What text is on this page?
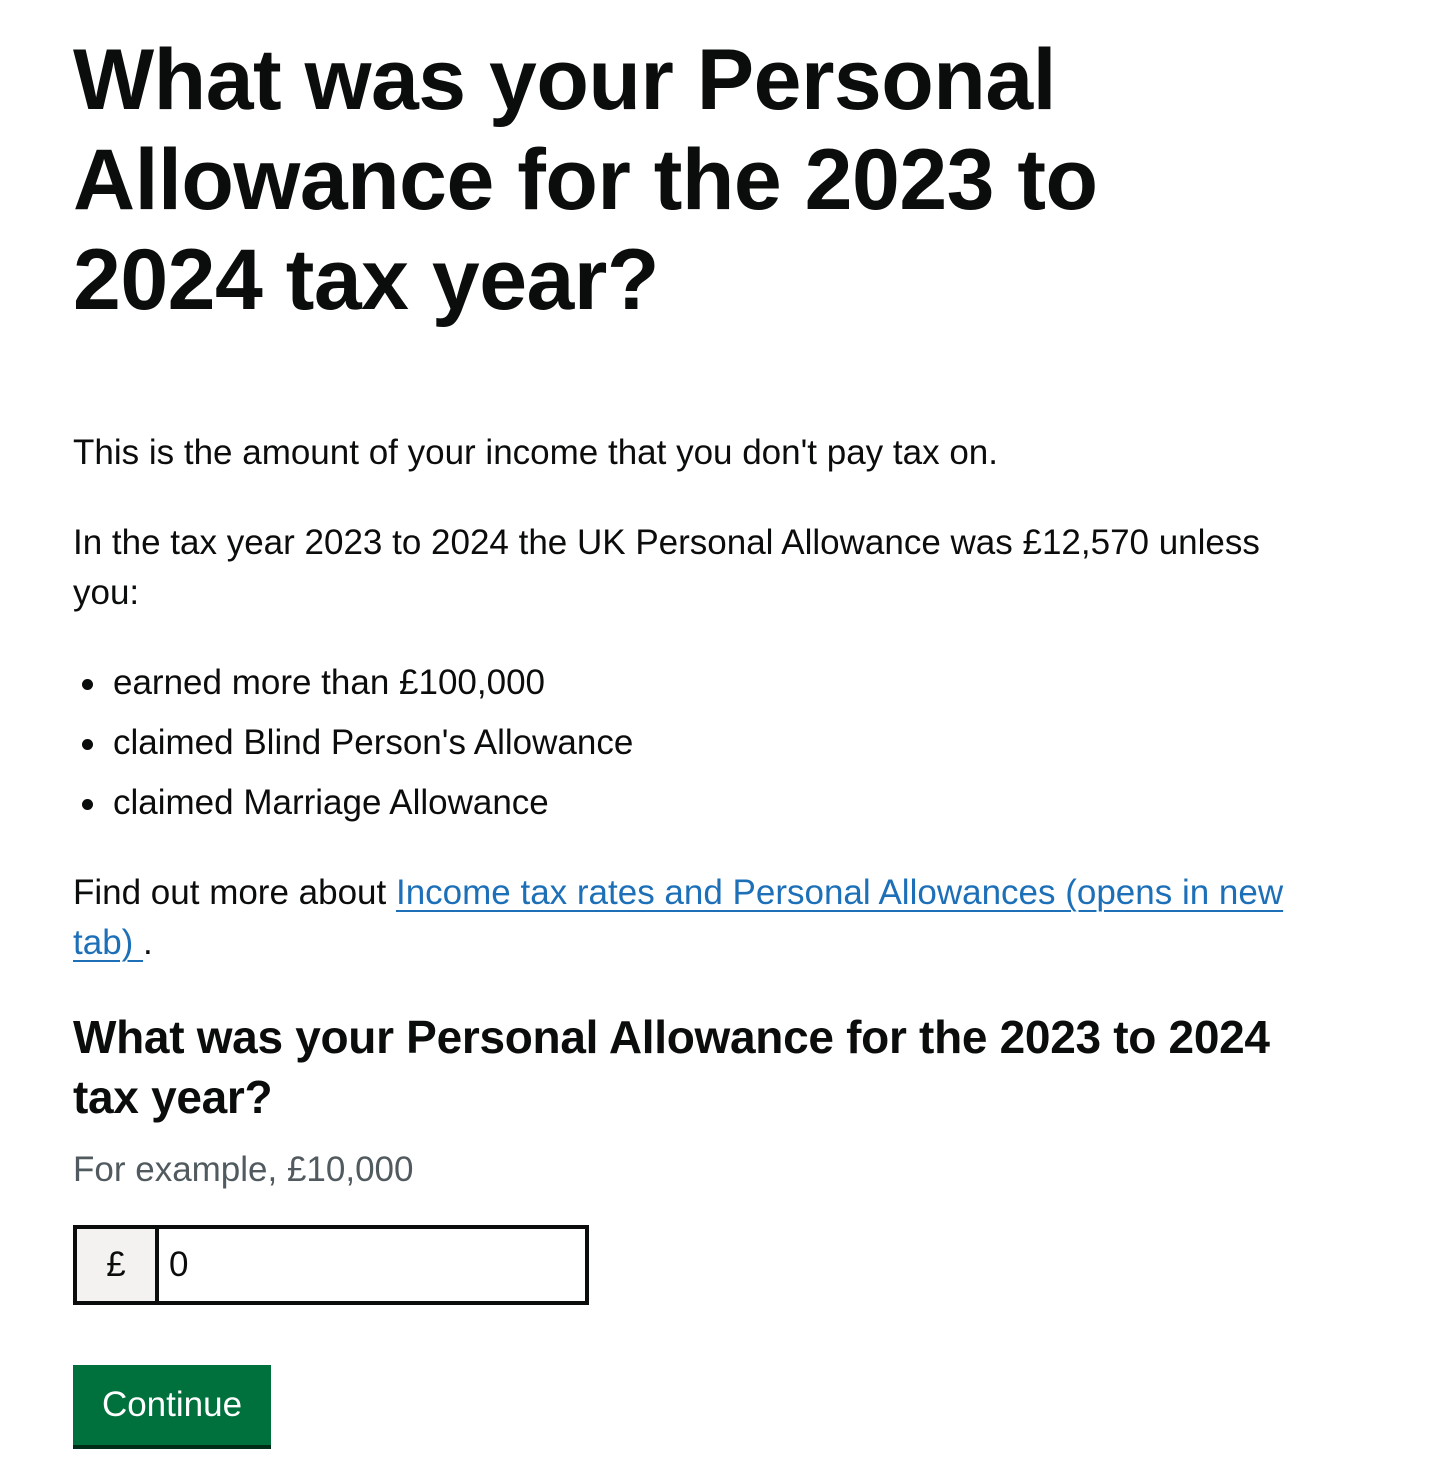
What was your Personal Allowance for the 2023 to 2024 tax year?

This is the amount of your income that you don't pay tax on.

In the tax year 2023 to 2024 the UK Personal Allowance was £12,570 unless you:

earned more than £100,000
claimed Blind Person's Allowance
claimed Marriage Allowance

Find out more about Income tax rates and Personal Allowances (opens in new tab) .

What was your Personal Allowance for the 2023 to 2024 tax year?
For example, £10,000
£
0
Continue
